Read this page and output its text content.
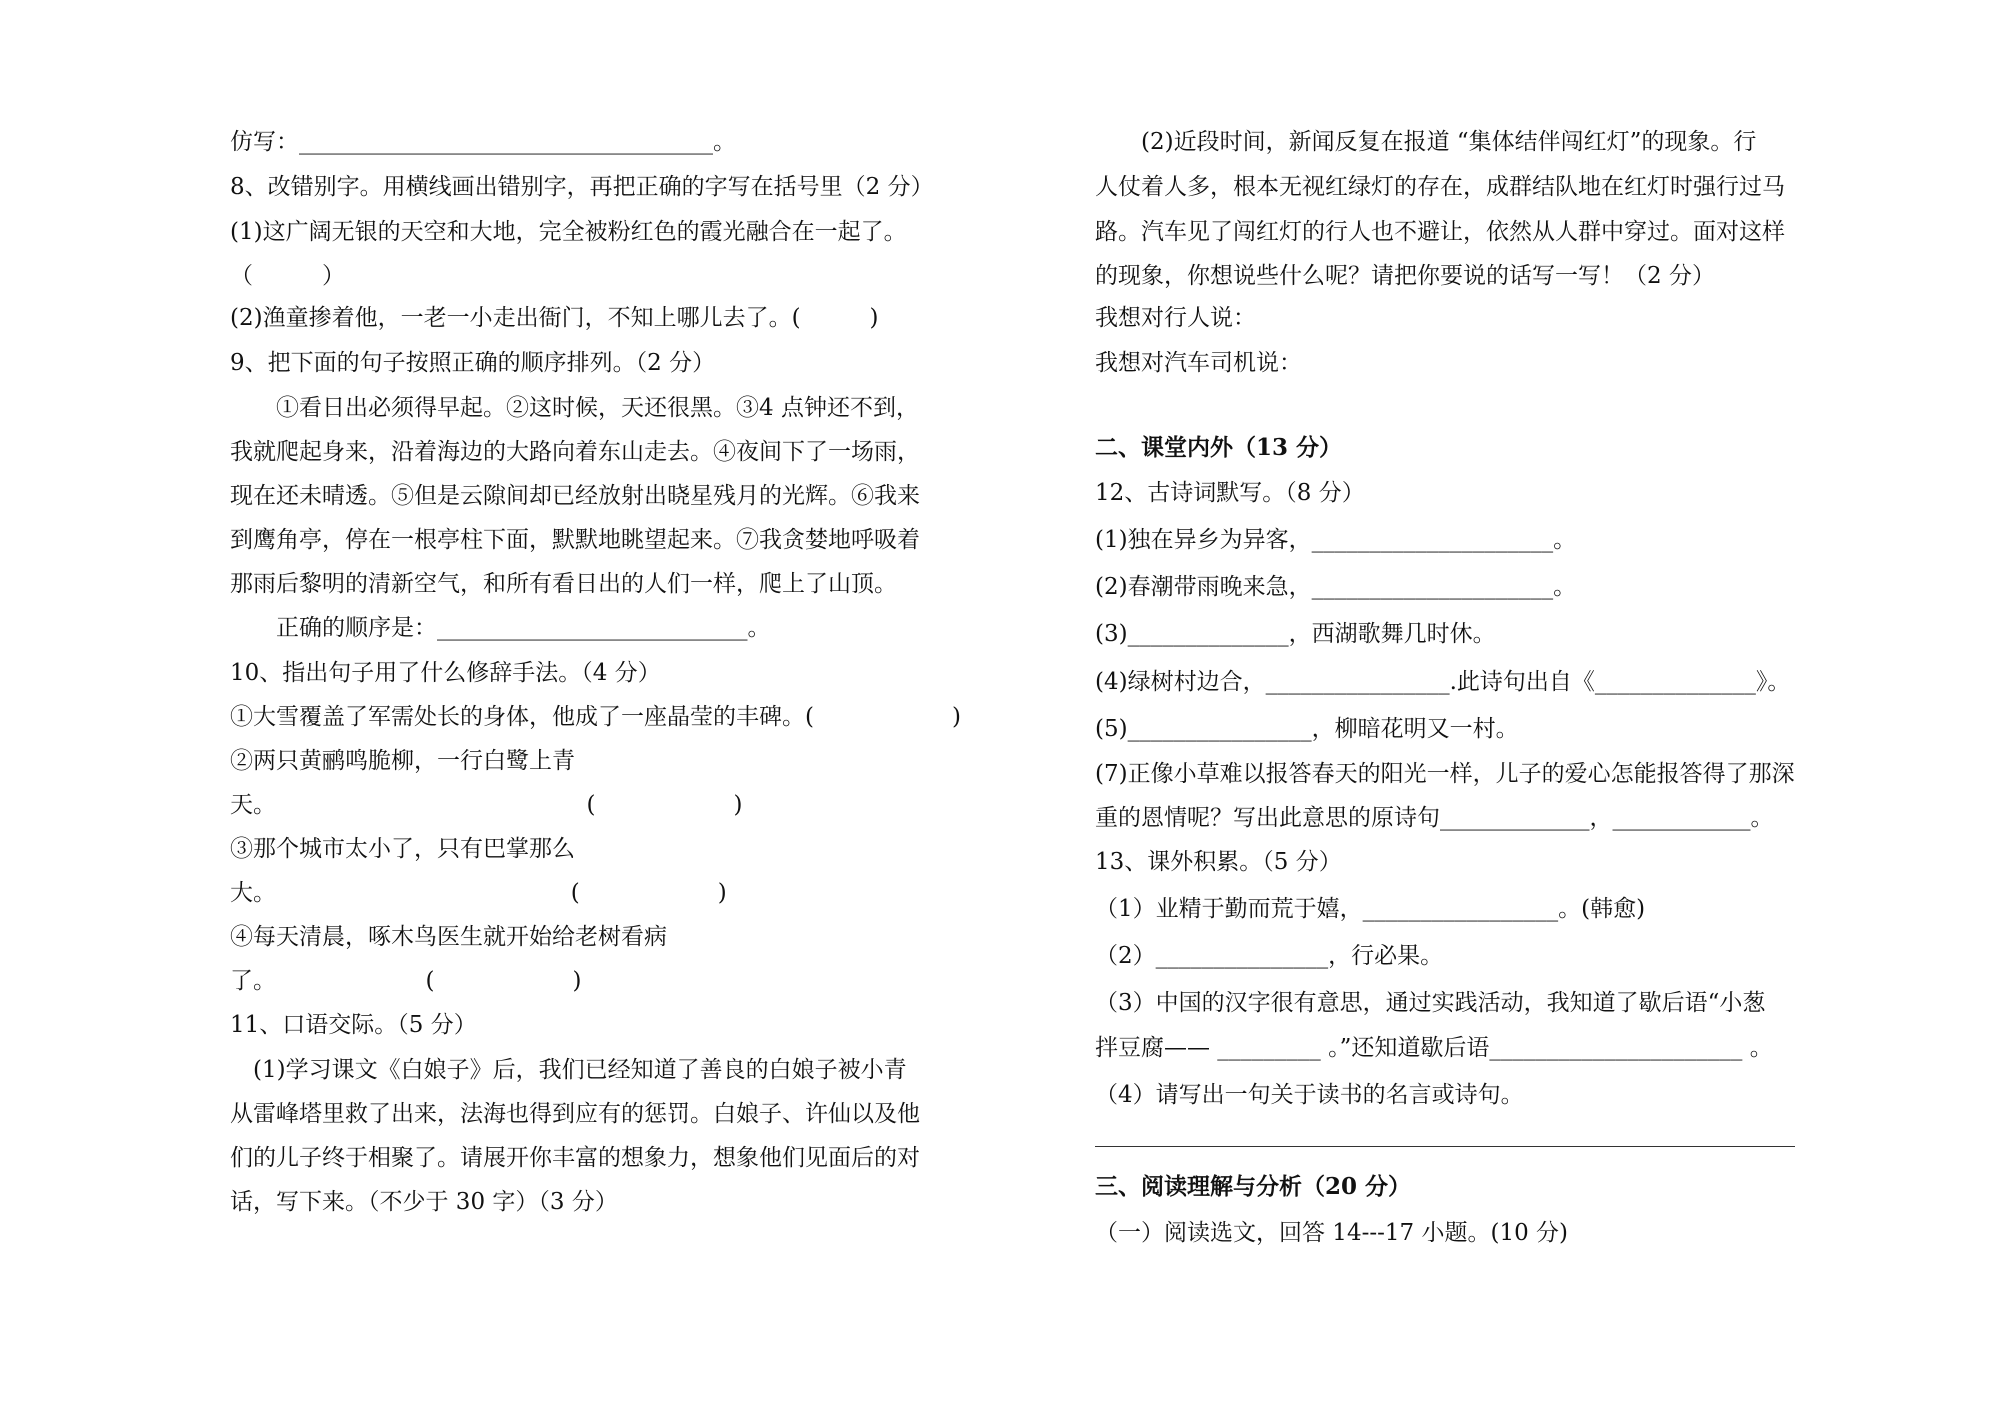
仿写：____________________________________。
8、改错别字。用横线画出错别字，再把正确的字写在括号里（2 分）
(1)这广阔无银的天空和大地，完全被粉红色的霞光融合在一起了。
（　　　）
(2)渔童掺着他，一老一小走出衙门，不知上哪儿去了。(　　　)
9、把下面的句子按照正确的顺序排列。（2 分）
　　①看日出必须得早起。②这时候，天还很黑。③4 点钟还不到，
我就爬起身来，沿着海边的大路向着东山走去。④夜间下了一场雨，
现在还未晴透。⑤但是云隙间却已经放射出晓星残月的光辉。⑥我来
到鹰角亭，停在一根亭柱下面，默默地眺望起来。⑦我贪婪地呼吸着
那雨后黎明的清新空气，和所有看日出的人们一样，爬上了山顶。
　　正确的顺序是：___________________________。
10、指出句子用了什么修辞手法。（4 分）
①大雪覆盖了军需处长的身体，他成了一座晶莹的丰碑。(　　　　　　)
②两只黄鹂鸣脆柳，一行白鹭上青
天。　　　　　　　　　　　　　　(　　　　　　)
③那个城市太小了，只有巴掌那么
大。　　　　　　　　　　　　　 (　　　　　　)
④每天清晨，啄木鸟医生就开始给老树看病
了。　　　　　　　(　　　　　　)
11、口语交际。（5 分）
　(1)学习课文《白娘子》后，我们已经知道了善良的白娘子被小青
从雷峰塔里救了出来，法海也得到应有的惩罚。白娘子、许仙以及他
们的儿子终于相聚了。请展开你丰富的想象力，想象他们见面后的对
话，写下来。（不少于 30 字）（3 分）
　　(2)近段时间，新闻反复在报道 “集体结伴闯红灯”的现象。行
人仗着人多，根本无视红绿灯的存在，成群结队地在红灯时强行过马
路。汽车见了闯红灯的行人也不避让，依然从人群中穿过。面对这样
的现象，你想说些什么呢？请把你要说的话写一写！（2 分）
我想对行人说：
我想对汽车司机说：
二、课堂内外（13 分）
12、古诗词默写。（8 分）
(1)独在异乡为异客，_____________________。
(2)春潮带雨晚来急，_____________________。
(3)______________，西湖歌舞几时休。
(4)绿树村边合，________________.此诗句出自《______________》。
(5)________________，柳暗花明又一村。
(7)正像小草难以报答春天的阳光一样，儿子的爱心怎能报答得了那深
重的恩情呢？写出此意思的原诗句_____________，____________。
13、课外积累。（5 分）
（1）业精于勤而荒于嬉，_________________。(韩愈)
（2）_______________，行必果。
（3）中国的汉字很有意思，通过实践活动，我知道了歇后语“小葱
拌豆腐—— _________ 。”还知道歇后语______________________ 。
（4）请写出一句关于读书的名言或诗句。
三、阅读理解与分析（20 分）
（一）阅读选文，回答 14---17 小题。(10 分)
